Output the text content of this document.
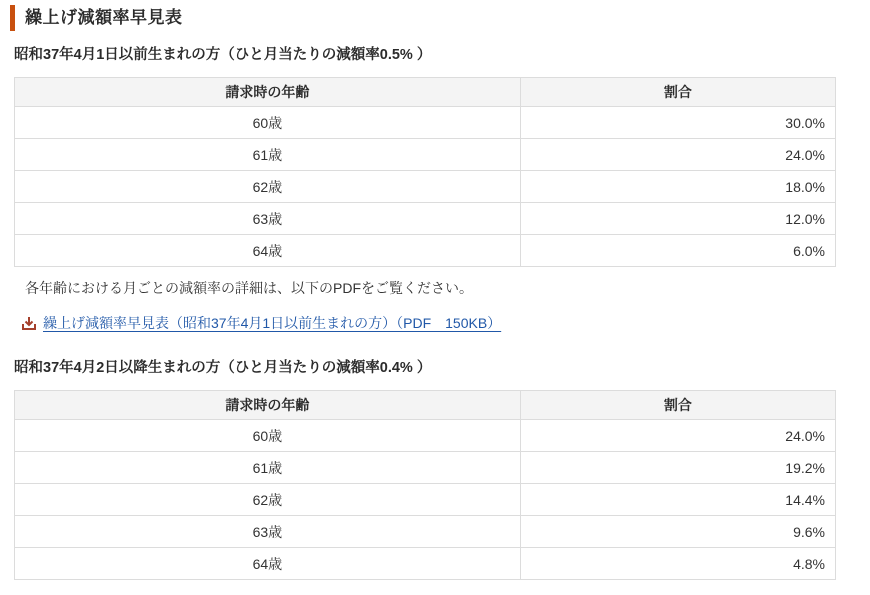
繰上げ減額率早見表
昭和37年4月1日以前生まれの方（ひと月当たりの減額率0.5% ）
請求時の年齢	割合
60歳	30.0%
61歳	24.0%
62歳	18.0%
63歳	12.0%
64歳	6.0%

各年齢における月ごとの減額率の詳細は、以下のPDFをご覧ください。

繰上げ減額率早見表（昭和37年4月1日以前生まれの方）（PDF　150KB）
昭和37年4月2日以降生まれの方（ひと月当たりの減額率0.4% ）
請求時の年齢	割合
60歳	24.0%
61歳	19.2%
62歳	14.4%
63歳	9.6%
64歳	4.8%
